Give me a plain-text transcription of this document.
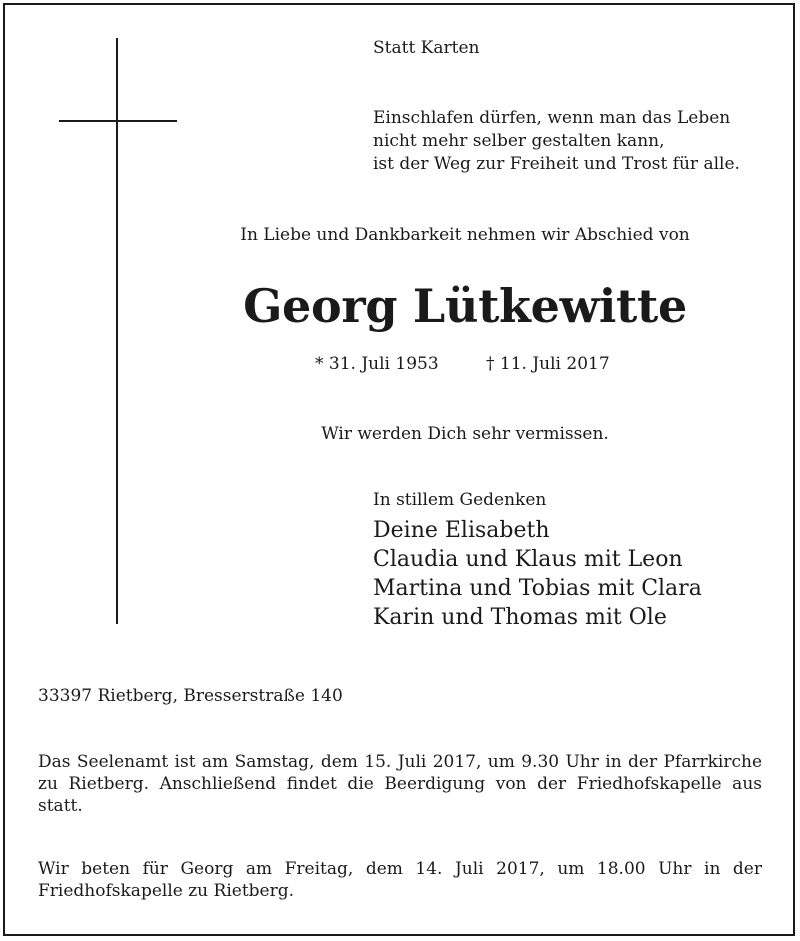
Statt Karten
Einschlafen dürfen, wenn man das Leben
nicht mehr selber gestalten kann,
ist der Weg zur Freiheit und Trost für alle.
In Liebe und Dankbarkeit nehmen wir Abschied von
Georg Lütkewitte
* 31. Juli 1953	† 11. Juli 2017
Wir werden Dich sehr vermissen.
In stillem Gedenken
Deine Elisabeth
Claudia und Klaus mit Leon
Martina und Tobias mit Clara
Karin und Thomas mit Ole
33397 Rietberg, Bresserstraße 140
Das Seelenamt ist am Samstag, dem 15. Juli 2017, um 9.30 Uhr in der Pfarrkirche zu Rietberg. Anschließend findet die Beerdigung von der Friedhofskapelle aus statt.
Wir beten für Georg am Freitag, dem 14. Juli 2017, um 18.00 Uhr in der Friedhofskapelle zu Rietberg.
